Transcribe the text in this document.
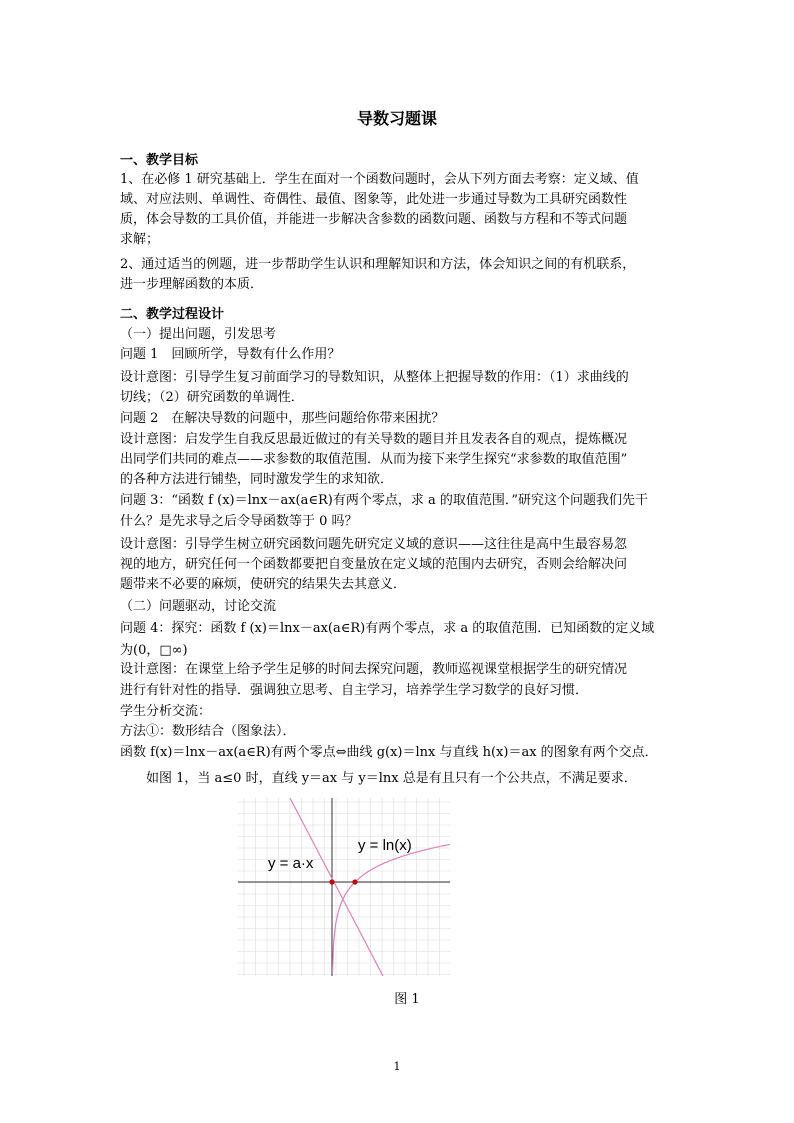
导数习题课
一、教学目标
1、在必修 1 研究基础上．学生在面对一个函数问题时，会从下列方面去考察：定义域、值
域、对应法则、单调性、奇偶性、最值、图象等，此处进一步通过导数为工具研究函数性
质，体会导数的工具价值，并能进一步解决含参数的函数问题、函数与方程和不等式问题
求解；
2、通过适当的例题，进一步帮助学生认识和理解知识和方法，体会知识之间的有机联系，
进一步理解函数的本质．
二、教学过程设计
（一）提出问题，引发思考
问题 1　回顾所学，导数有什么作用？
设计意图：引导学生复习前面学习的导数知识，从整体上把握导数的作用：（1）求曲线的
切线；（2）研究函数的单调性．
问题 2　在解决导数的问题中，那些问题给你带来困扰？
设计意图：启发学生自我反思最近做过的有关导数的题目并且发表各自的观点，提炼概况
出同学们共同的难点——求参数的取值范围．从而为接下来学生探究“求参数的取值范围”
的各种方法进行铺垫，同时激发学生的求知欲．
问题 3：“函数 f (x)＝lnx－ax(a∈R)有两个零点，求 a 的取值范围．”研究这个问题我们先干
什么？是先求导之后令导函数等于 0 吗？
设计意图：引导学生树立研究函数问题先研究定义域的意识——这往往是高中生最容易忽
视的地方，研究任何一个函数都要把自变量放在定义域的范围内去研究，否则会给解决问
题带来不必要的麻烦，使研究的结果失去其意义．
（二）问题驱动，讨论交流
问题 4：探究：函数 f (x)＝lnx－ax(a∈R)有两个零点，求 a 的取值范围．已知函数的定义域
为(0，□∞)
设计意图：在课堂上给予学生足够的时间去探究问题，教师巡视课堂根据学生的研究情况
进行有针对性的指导．强调独立思考、自主学习，培养学生学习数学的良好习惯．
学生分析交流：
方法①：数形结合（图象法）．
函数 f(x)＝lnx－ax(a∈R)有两个零点⇔曲线 g(x)＝lnx 与直线 h(x)＝ax 的图象有两个交点．
　　如图 1，当 a≤0 时，直线 y＝ax 与 y＝lnx 总是有且只有一个公共点，不满足要求．
y = a·x
y = ln(x)
图 1
1
